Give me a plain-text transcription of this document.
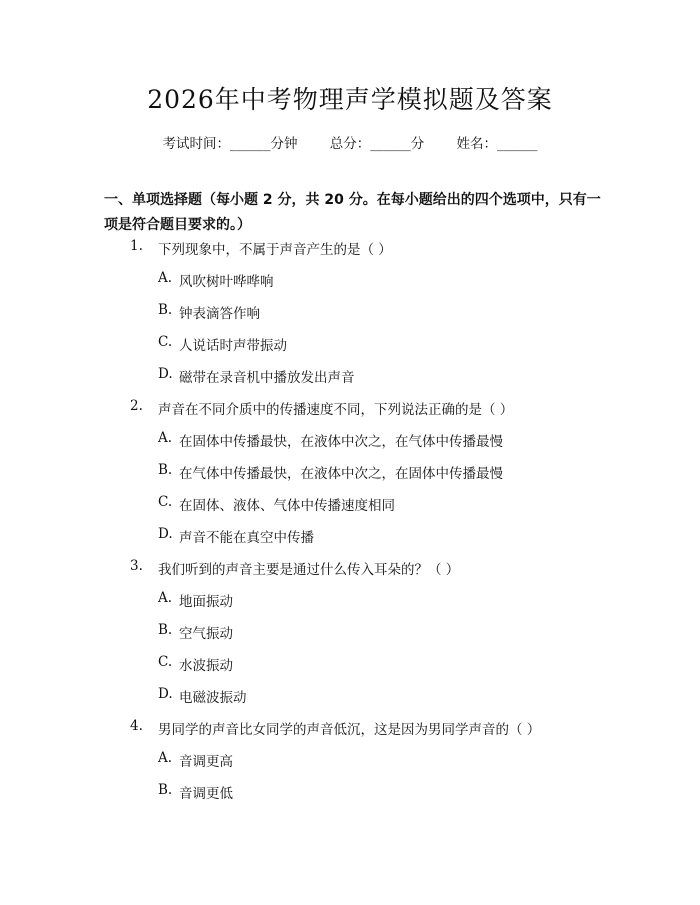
2026年中考物理声学模拟题及答案
考试时间：______分钟 总分：______分 姓名：______
一、单项选择题（每小题 2 分，共 20 分。在每小题给出的四个选项中，只有一项是符合题目要求的。）
1. 下列现象中，不属于声音产生的是（ ）
A. 风吹树叶哗哗响
B. 钟表滴答作响
C. 人说话时声带振动
D. 磁带在录音机中播放发出声音
2. 声音在不同介质中的传播速度不同，下列说法正确的是（ ）
A. 在固体中传播最快，在液体中次之，在气体中传播最慢
B. 在气体中传播最快，在液体中次之，在固体中传播最慢
C. 在固体、液体、气体中传播速度相同
D. 声音不能在真空中传播
3. 我们听到的声音主要是通过什么传入耳朵的？（ ）
A. 地面振动
B. 空气振动
C. 水波振动
D. 电磁波振动
4. 男同学的声音比女同学的声音低沉，这是因为男同学声音的（ ）
A. 音调更高
B. 音调更低
